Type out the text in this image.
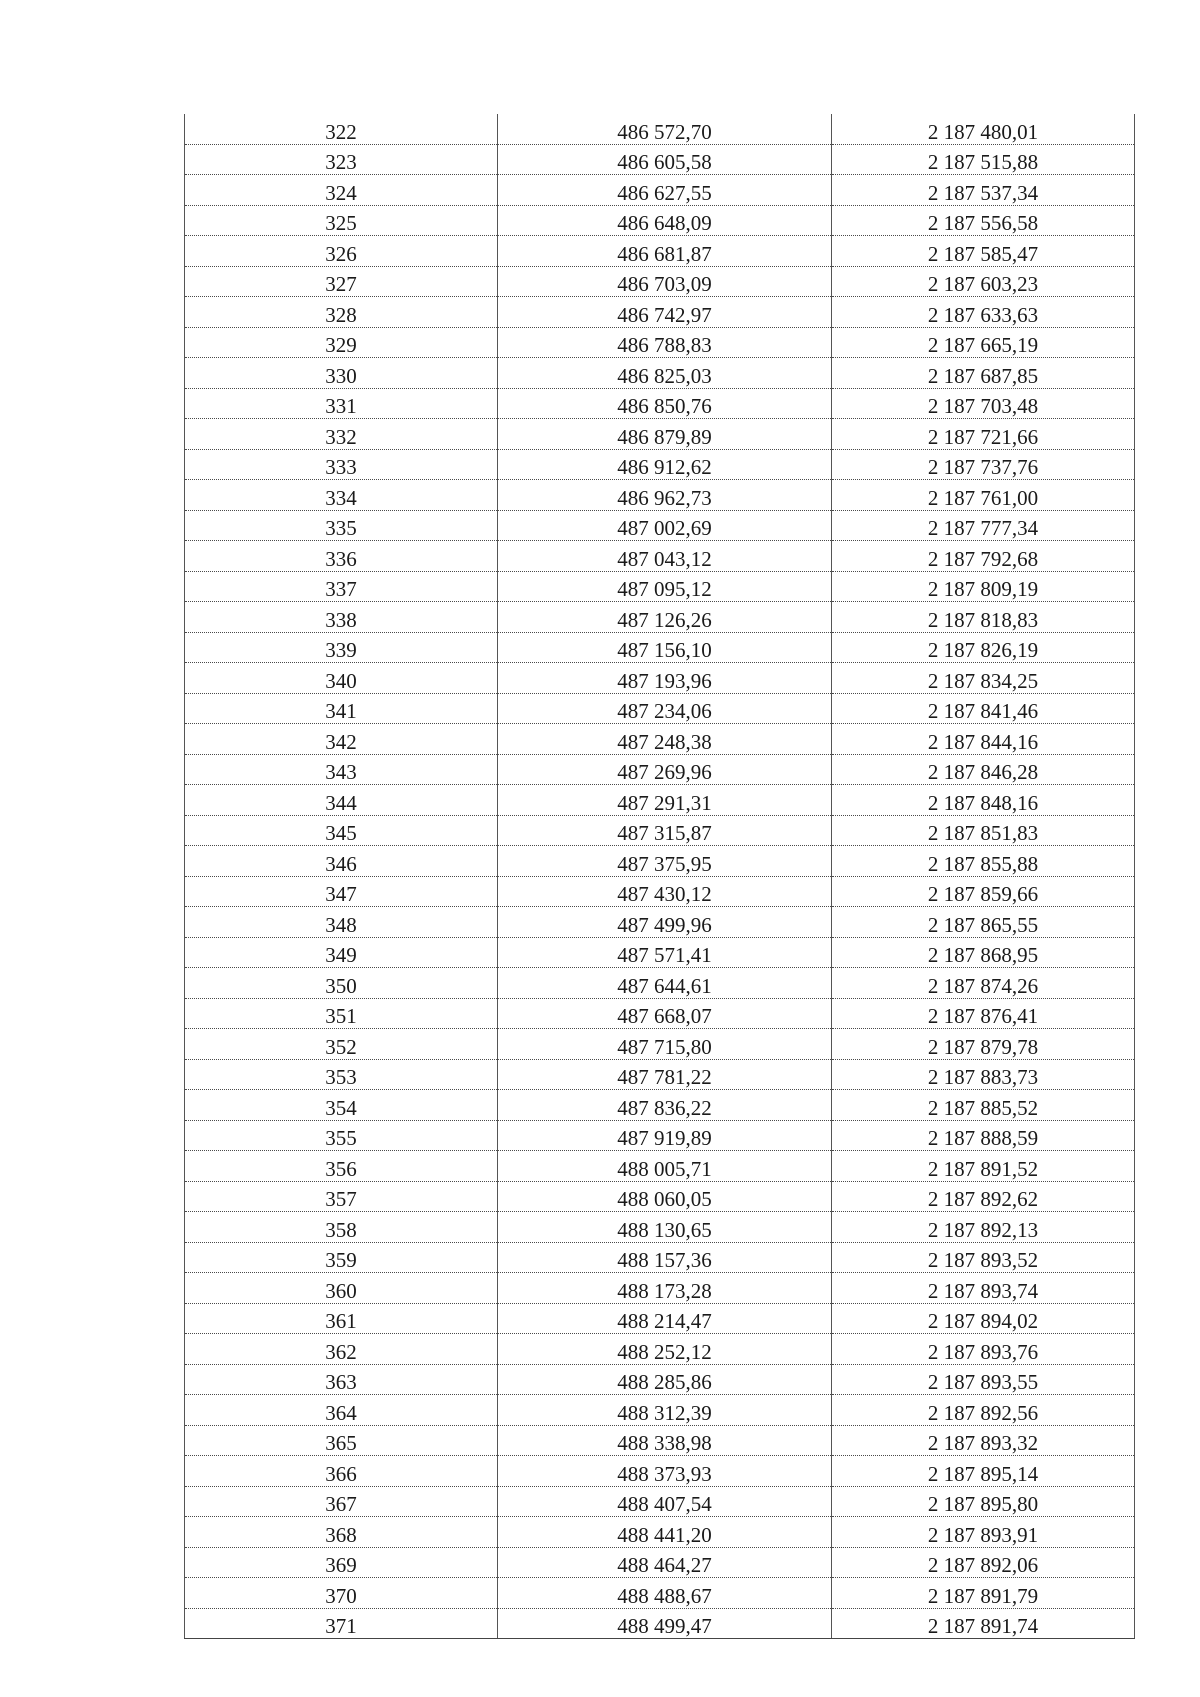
322	486 572,70	2 187 480,01
323	486 605,58	2 187 515,88
324	486 627,55	2 187 537,34
325	486 648,09	2 187 556,58
326	486 681,87	2 187 585,47
327	486 703,09	2 187 603,23
328	486 742,97	2 187 633,63
329	486 788,83	2 187 665,19
330	486 825,03	2 187 687,85
331	486 850,76	2 187 703,48
332	486 879,89	2 187 721,66
333	486 912,62	2 187 737,76
334	486 962,73	2 187 761,00
335	487 002,69	2 187 777,34
336	487 043,12	2 187 792,68
337	487 095,12	2 187 809,19
338	487 126,26	2 187 818,83
339	487 156,10	2 187 826,19
340	487 193,96	2 187 834,25
341	487 234,06	2 187 841,46
342	487 248,38	2 187 844,16
343	487 269,96	2 187 846,28
344	487 291,31	2 187 848,16
345	487 315,87	2 187 851,83
346	487 375,95	2 187 855,88
347	487 430,12	2 187 859,66
348	487 499,96	2 187 865,55
349	487 571,41	2 187 868,95
350	487 644,61	2 187 874,26
351	487 668,07	2 187 876,41
352	487 715,80	2 187 879,78
353	487 781,22	2 187 883,73
354	487 836,22	2 187 885,52
355	487 919,89	2 187 888,59
356	488 005,71	2 187 891,52
357	488 060,05	2 187 892,62
358	488 130,65	2 187 892,13
359	488 157,36	2 187 893,52
360	488 173,28	2 187 893,74
361	488 214,47	2 187 894,02
362	488 252,12	2 187 893,76
363	488 285,86	2 187 893,55
364	488 312,39	2 187 892,56
365	488 338,98	2 187 893,32
366	488 373,93	2 187 895,14
367	488 407,54	2 187 895,80
368	488 441,20	2 187 893,91
369	488 464,27	2 187 892,06
370	488 488,67	2 187 891,79
371	488 499,47	2 187 891,74
